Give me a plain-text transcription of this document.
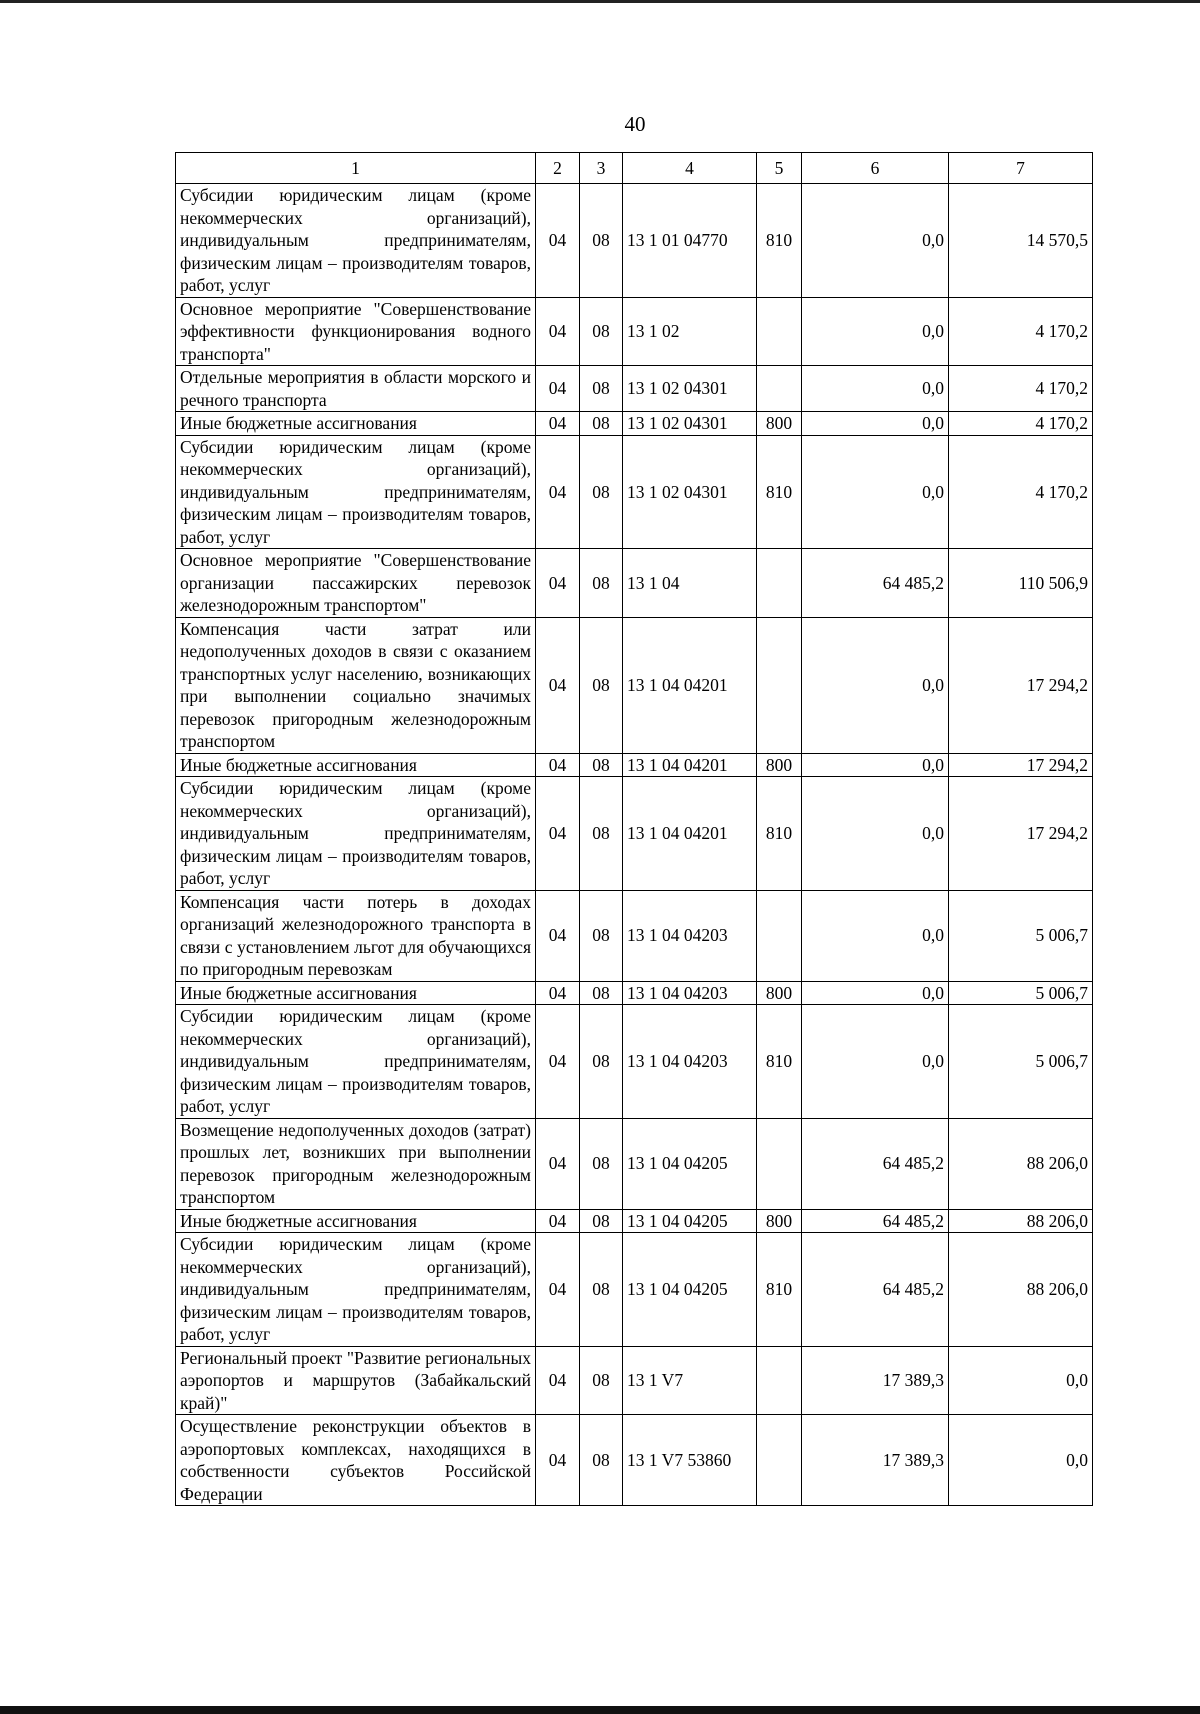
40
1	2	3	4	5	6	7
Субсидии юридическим лицам (кроме некоммерческих организаций), индивидуальным предпринимателям, физическим лицам – производителям товаров, работ, услуг	04	08	13 1 01 04770	810	0,0	14 570,5
Основное мероприятие "Совершенствование эффективности функционирования водного транспорта"	04	08	13 1 02		0,0	4 170,2
Отдельные мероприятия в области морского и речного транспорта	04	08	13 1 02 04301		0,0	4 170,2
Иные бюджетные ассигнования	04	08	13 1 02 04301	800	0,0	4 170,2
Субсидии юридическим лицам (кроме некоммерческих организаций), индивидуальным предпринимателям, физическим лицам – производителям товаров, работ, услуг	04	08	13 1 02 04301	810	0,0	4 170,2
Основное мероприятие "Совершенствование организации пассажирских перевозок железнодорожным транспортом"	04	08	13 1 04		64 485,2	110 506,9
Компенсация части затрат или недополученных доходов в связи с оказанием транспортных услуг населению, возникающих при выполнении социально значимых перевозок пригородным железнодорожным транспортом	04	08	13 1 04 04201		0,0	17 294,2
Иные бюджетные ассигнования	04	08	13 1 04 04201	800	0,0	17 294,2
Субсидии юридическим лицам (кроме некоммерческих организаций), индивидуальным предпринимателям, физическим лицам – производителям товаров, работ, услуг	04	08	13 1 04 04201	810	0,0	17 294,2
Компенсация части потерь в доходах организаций железнодорожного транспорта в связи с установлением льгот для обучающихся по пригородным перевозкам	04	08	13 1 04 04203		0,0	5 006,7
Иные бюджетные ассигнования	04	08	13 1 04 04203	800	0,0	5 006,7
Субсидии юридическим лицам (кроме некоммерческих организаций), индивидуальным предпринимателям, физическим лицам – производителям товаров, работ, услуг	04	08	13 1 04 04203	810	0,0	5 006,7
Возмещение недополученных доходов (затрат) прошлых лет, возникших при выполнении перевозок пригородным железнодорожным транспортом	04	08	13 1 04 04205		64 485,2	88 206,0
Иные бюджетные ассигнования	04	08	13 1 04 04205	800	64 485,2	88 206,0
Субсидии юридическим лицам (кроме некоммерческих организаций), индивидуальным предпринимателям, физическим лицам – производителям товаров, работ, услуг	04	08	13 1 04 04205	810	64 485,2	88 206,0
Региональный проект "Развитие региональных аэропортов и маршрутов (Забайкальский край)"	04	08	13 1 V7		17 389,3	0,0
Осуществление реконструкции объектов в аэропортовых комплексах, находящихся в собственности субъектов Российской Федерации	04	08	13 1 V7 53860		17 389,3	0,0
